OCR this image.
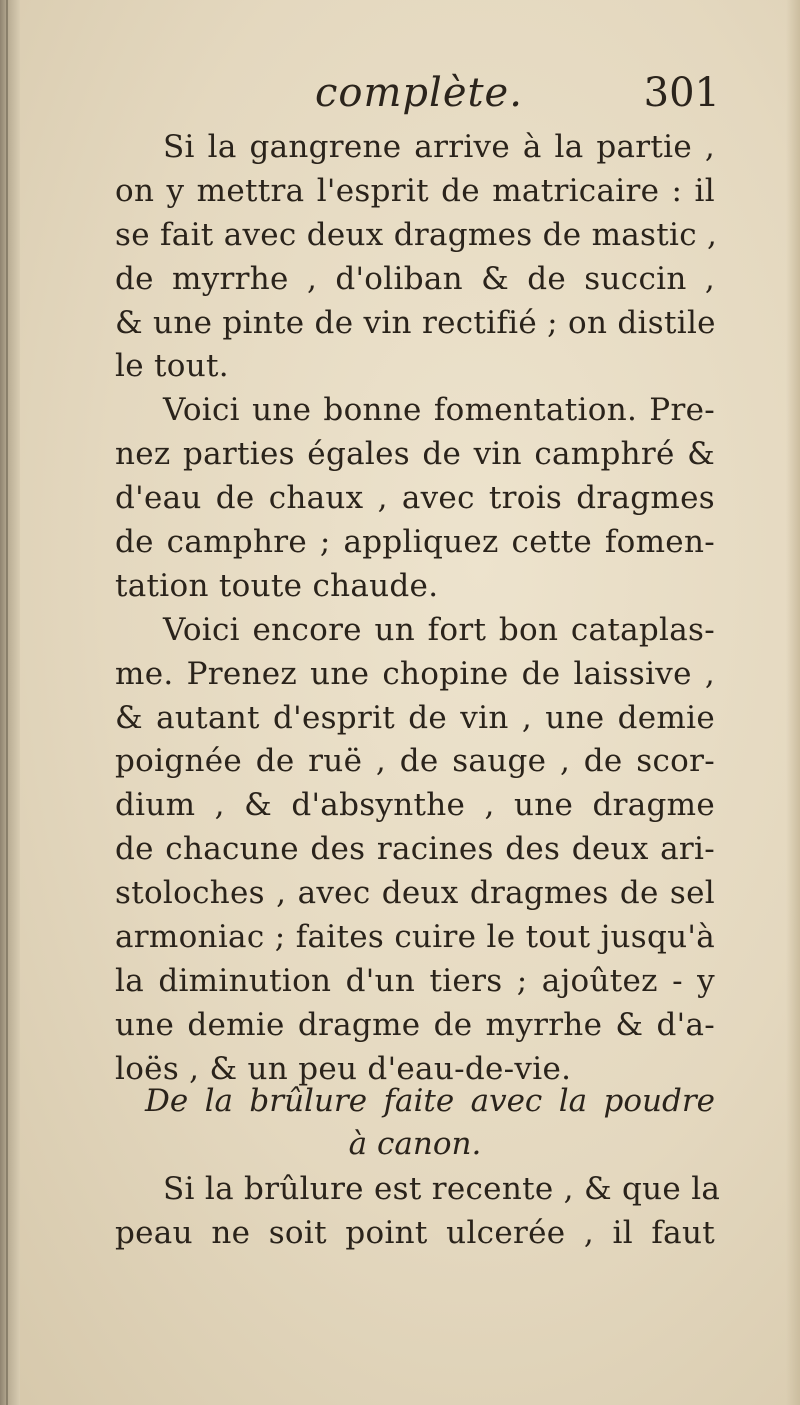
complète.	301
Si la gangrene arrive à la partie ,
on y mettra l'esprit de matricaire : il
se fait avec deux dragmes de mastic ,
de myrrhe , d'oliban & de succin ,
& une pinte de vin rectifié ; on distile
le tout.
Voici une bonne fomentation. Pre-
nez parties égales de vin camphré &
d'eau de chaux , avec trois dragmes
de camphre ; appliquez cette fomen-
tation toute chaude.
Voici encore un fort bon cataplas-
me. Prenez une chopine de laissive ,
& autant d'esprit de vin , une demie
poignée de ruë , de sauge , de scor-
dium , & d'absynthe , une dragme
de chacune des racines des deux ari-
stoloches , avec deux dragmes de sel
armoniac ; faites cuire le tout jusqu'à
la diminution d'un tiers ; ajoûtez - y
une demie dragme de myrrhe & d'a-
loës , & un peu d'eau-de-vie.
De la brûlure faite avec la poudre
à canon.
Si la brûlure est recente , & que la
peau ne soit point ulcerée , il faut
